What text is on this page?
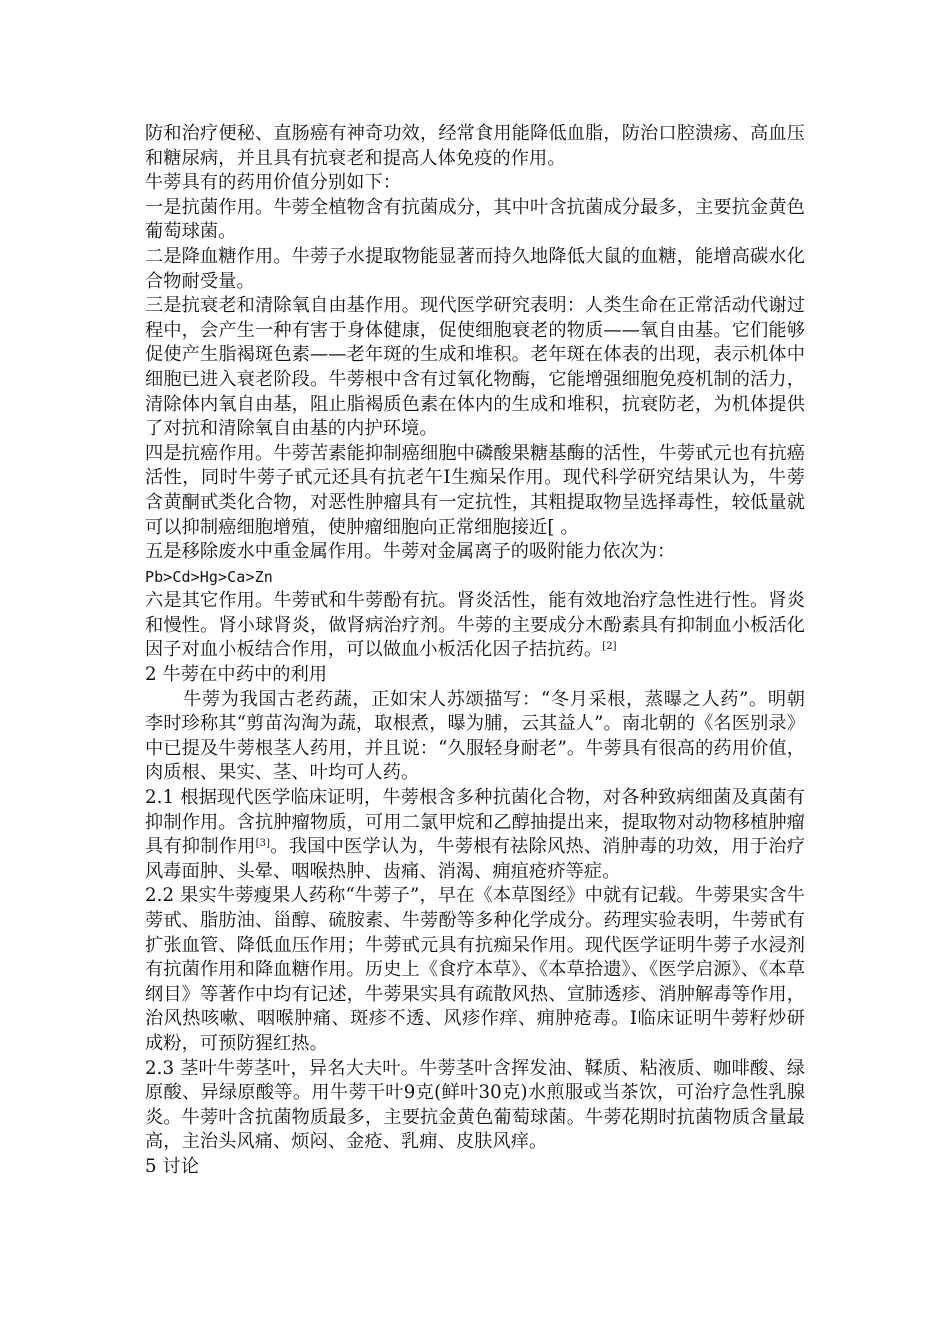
防和治疗便秘、直肠癌有神奇功效，经常食用能降低血脂，防治口腔溃疡、高血压和糖尿病，并且具有抗衰老和提高人体免疫的作用。

牛蒡具有的药用价值分别如下：

一是抗菌作用。牛蒡全植物含有抗菌成分，其中叶含抗菌成分最多，主要抗金黄色葡萄球菌。

二是降血糖作用。牛蒡子水提取物能显著而持久地降低大鼠的血糖，能增高碳水化合物耐受量。

三是抗衰老和清除氧自由基作用。现代医学研究表明：人类生命在正常活动代谢过程中，会产生一种有害于身体健康，促使细胞衰老的物质——氧自由基。它们能够促使产生脂褐斑色素——老年斑的生成和堆积。老年斑在体表的出现，表示机体中细胞已进入衰老阶段。牛蒡根中含有过氧化物酶，它能增强细胞免疫机制的活力，清除体内氧自由基，阻止脂褐质色素在体内的生成和堆积，抗衰防老，为机体提供了对抗和清除氧自由基的内护环境。

四是抗癌作用。牛蒡苦素能抑制癌细胞中磷酸果糖基酶的活性，牛蒡甙元也有抗癌活性，同时牛蒡子甙元还具有抗老午Ⅰ生痴呆作用。现代科学研究结果认为，牛蒡含黄酮甙类化合物，对恶性肿瘤具有一定抗性，其粗提取物呈选择毒性，较低量就可以抑制癌细胞增殖，使肿瘤细胞向正常细胞接近[ 。

五是移除废水中重金属作用。牛蒡对金属离子的吸附能力依次为：

Pb>Cd>Hg>Ca>Zn

六是其它作用。牛蒡甙和牛蒡酚有抗。肾炎活性，能有效地治疗急性进行性。肾炎和慢性。肾小球肾炎，做肾病治疗剂。牛蒡的主要成分木酚素具有抑制血小板活化因子对血小板结合作用，可以做血小板活化因子拮抗药。[2]

2 牛蒡在中药中的利用

牛蒡为我国古老药蔬，正如宋人苏颂描写：“冬月采根，蒸曝之人药”。明朝李时珍称其“剪苗沟淘为蔬，取根煮，曝为脯，云其益人”。南北朝的《名医别录》中已提及牛蒡根茎人药用，并且说：“久服轻身耐老”。牛蒡具有很高的药用价值，肉质根、果实、茎、叶均可人药。

2.1 根据现代医学临床证明，牛蒡根含多种抗菌化合物，对各种致病细菌及真菌有抑制作用。含抗肿瘤物质，可用二氯甲烷和乙醇抽提出来，提取物对动物移植肿瘤具有抑制作用[3]。我国中医学认为，牛蒡根有祛除风热、消肿毒的功效，用于治疗风毒面肿、头晕、咽喉热肿、齿痛、消渴、痈疽疮疥等症。

2.2 果实牛蒡瘦果人药称“牛蒡子”，早在《本草图经》中就有记载。牛蒡果实含牛蒡甙、脂肪油、甾醇、硫胺素、牛蒡酚等多种化学成分。药理实验表明，牛蒡甙有扩张血管、降低血压作用；牛蒡甙元具有抗痴呆作用。现代医学证明牛蒡子水浸剂有抗菌作用和降血糖作用。历史上《食疗本草》、《本草拾遗》、《医学启源》、《本草纲目》等著作中均有记述，牛蒡果实具有疏散风热、宣肺透疹、消肿解毒等作用，治风热咳嗽、咽喉肿痛、斑疹不透、风疹作痒、痈肿疮毒。Ⅰ临床证明牛蒡籽炒研成粉，可预防猩红热。

2.3 茎叶牛蒡茎叶，异名大夫叶。牛蒡茎叶含挥发油、鞣质、粘液质、咖啡酸、绿原酸、异绿原酸等。用牛蒡干叶9克(鲜叶30克)水煎服或当茶饮，可治疗急性乳腺炎。牛蒡叶含抗菌物质最多，主要抗金黄色葡萄球菌。牛蒡花期时抗菌物质含量最高，主治头风痛、烦闷、金疮、乳痈、皮肤风痒。

5 讨论
